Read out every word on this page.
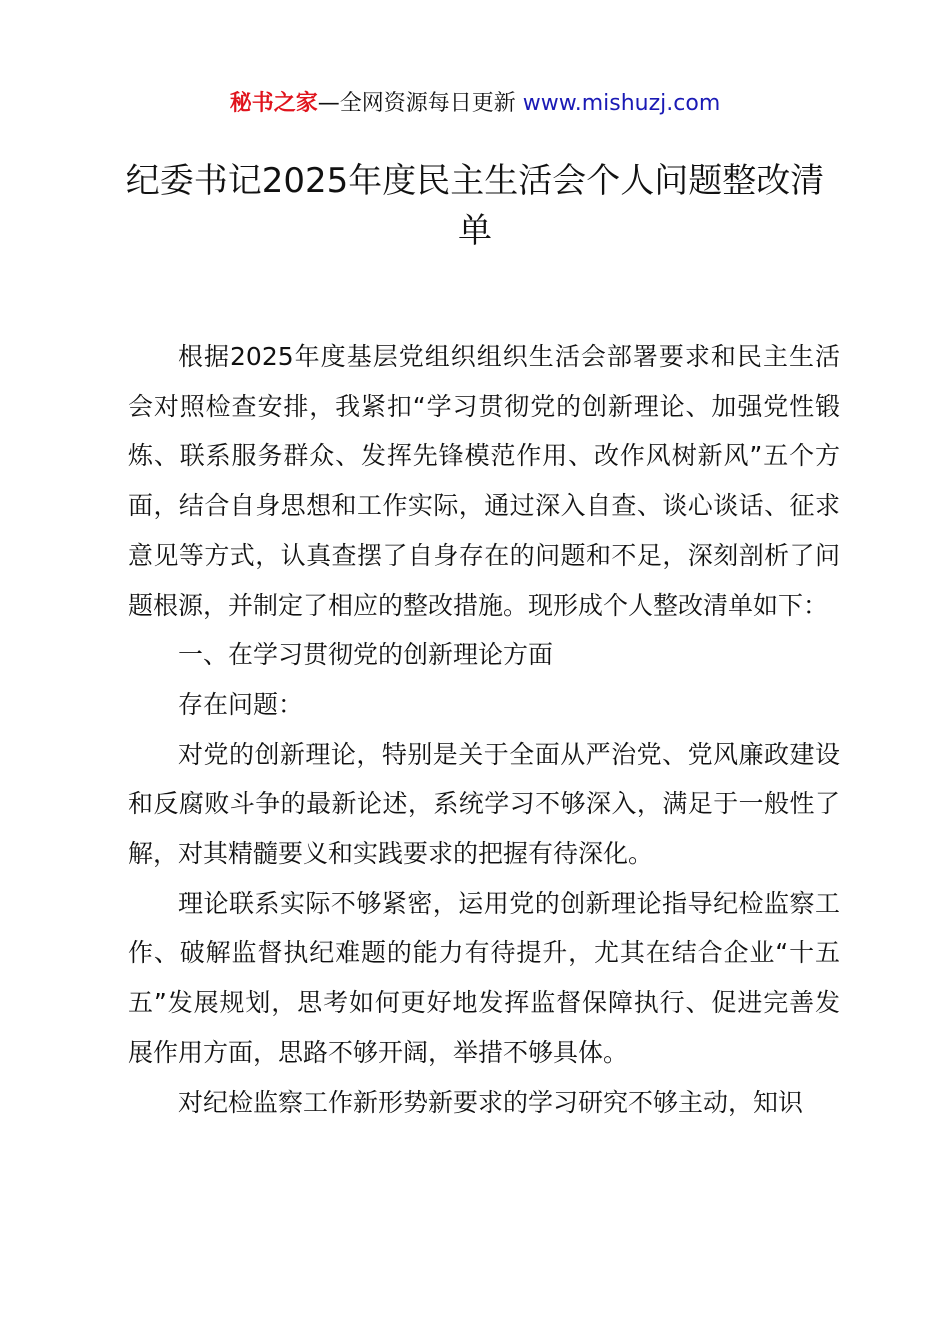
秘书之家—全网资源每日更新 www.mishuzj.com
纪委书记2025年度民主生活会个人问题整改清单

根据2025年度基层党组织组织生活会部署要求和民主生活会对照检查安排，我紧扣“学习贯彻党的创新理论、加强党性锻炼、联系服务群众、发挥先锋模范作用、改作风树新风”五个方面，结合自身思想和工作实际，通过深入自查、谈心谈话、征求意见等方式，认真查摆了自身存在的问题和不足，深刻剖析了问题根源，并制定了相应的整改措施。现形成个人整改清单如下：

一、在学习贯彻党的创新理论方面

存在问题：

对党的创新理论，特别是关于全面从严治党、党风廉政建设和反腐败斗争的最新论述，系统学习不够深入，满足于一般性了解，对其精髓要义和实践要求的把握有待深化。

理论联系实际不够紧密，运用党的创新理论指导纪检监察工作、破解监督执纪难题的能力有待提升，尤其在结合企业“十五五”发展规划，思考如何更好地发挥监督保障执行、促进完善发展作用方面，思路不够开阔，举措不够具体。

对纪检监察工作新形势新要求的学习研究不够主动，知识
